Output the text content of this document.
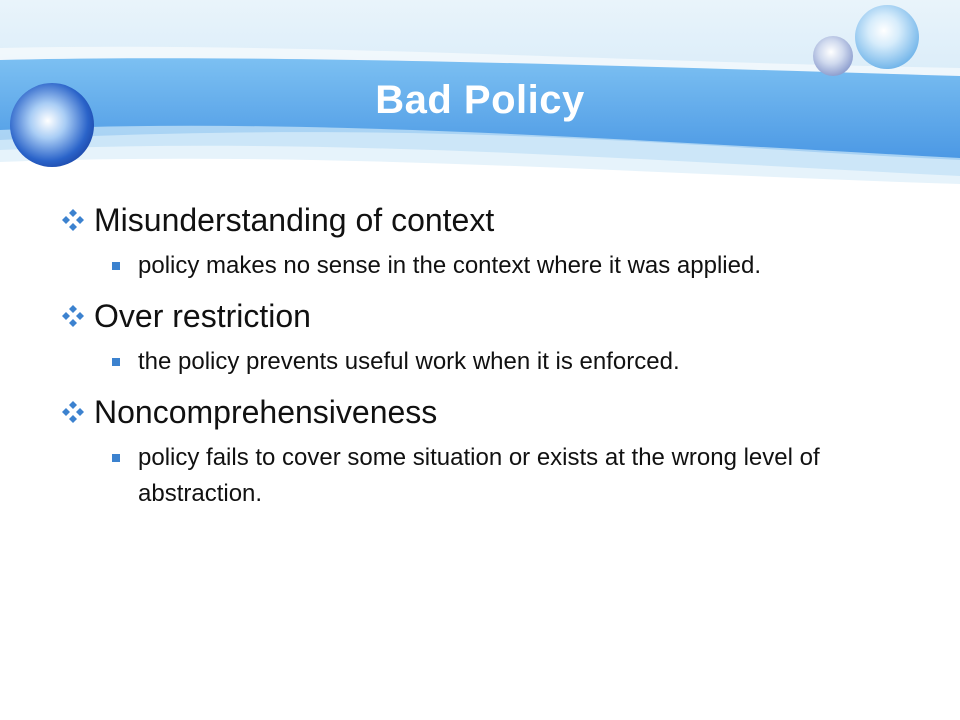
Bad Policy
Misunderstanding of context
policy makes no sense in the context where it was applied.
Over restriction
the policy prevents useful work when it is enforced.
Noncomprehensiveness
policy fails to cover some situation or exists at the wrong level of abstraction.
